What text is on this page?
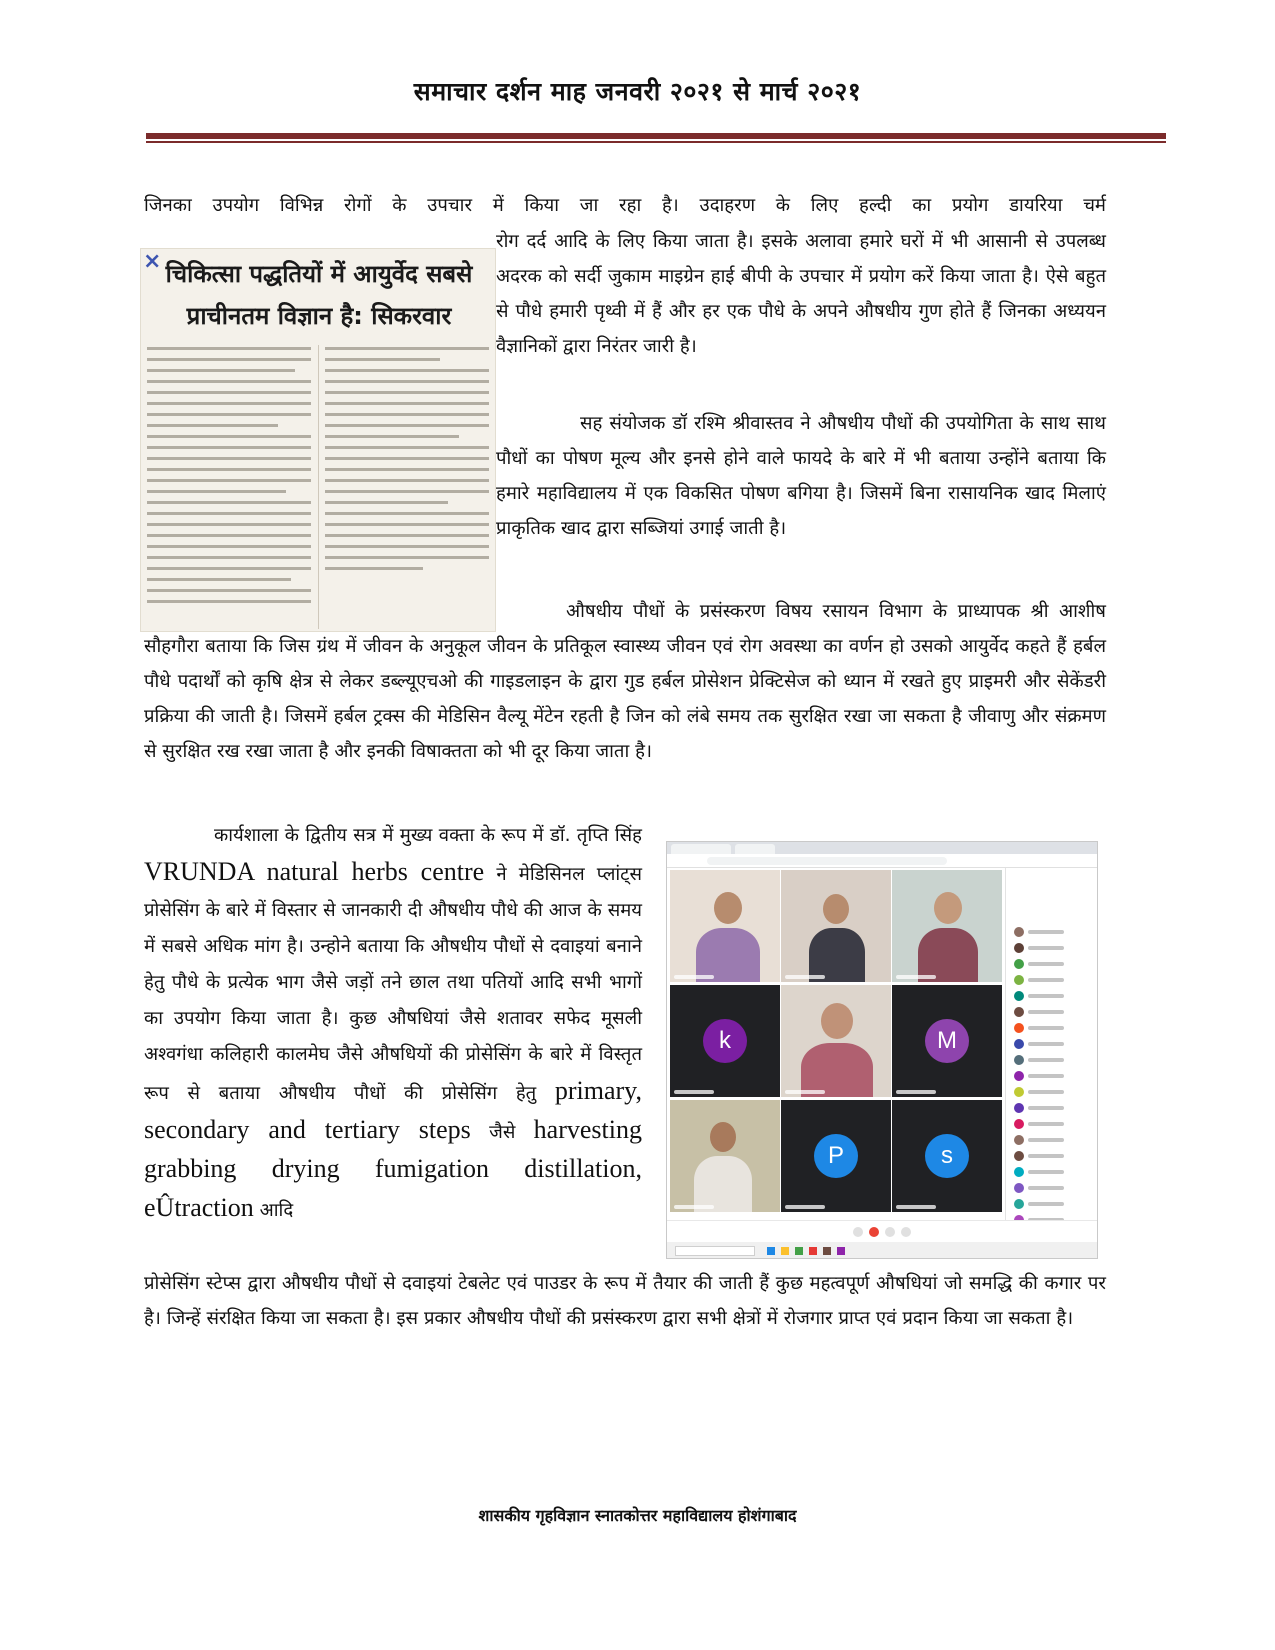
समाचार दर्शन माह जनवरी २०२१ से मार्च २०२१
जिनका उपयोग विभिन्न रोगों के उपचार में किया जा रहा है। उदाहरण के लिए हल्दी का प्रयोग डायरिया चर्म
रोग दर्द आदि के लिए किया जाता है। इसके अलावा हमारे घरों में भी आसानी से उपलब्ध अदरक को सर्दी जुकाम माइग्रेन हाई बीपी के उपचार में प्रयोग करें किया जाता है। ऐसे बहुत से पौधे हमारी पृथ्वी में हैं और हर एक पौधे के अपने औषधीय गुण होते हैं जिनका अध्ययन वैज्ञानिकों द्वारा निरंतर जारी है।
सह संयोजक डॉ रश्मि श्रीवास्तव ने औषधीय पौधों की उपयोगिता के साथ साथ पौधों का पोषण मूल्य और इनसे होने वाले फायदे के बारे में भी बताया उन्होंने बताया कि हमारे महाविद्यालय में एक विकसित पोषण बगिया है। जिसमें बिना रासायनिक खाद मिलाएं प्राकृतिक खाद द्वारा सब्जियां उगाई जाती है।
× चिकित्सा पद्धतियों में आयुर्वेद सबसे
प्राचीनतम विज्ञान है: सिकरवार
औषधीय पौधों के प्रसंस्करण विषय रसायन विभाग के प्राध्यापक श्री आशीष सौहगौरा बताया कि जिस ग्रंथ में जीवन के अनुकूल जीवन के प्रतिकूल स्वास्थ्य जीवन एवं रोग अवस्था का वर्णन हो उसको आयुर्वेद कहते हैं हर्बल पौधे पदार्थों को कृषि क्षेत्र से लेकर डब्ल्यूएचओ की गाइडलाइन के द्वारा गुड हर्बल प्रोसेशन प्रेक्टिसेज को ध्यान में रखते हुए प्राइमरी और सेकेंडरी प्रक्रिया की जाती है। जिसमें हर्बल ट्रक्स की मेडिसिन वैल्यू मेंटेन रहती है जिन को लंबे समय तक सुरक्षित रखा जा सकता है जीवाणु और संक्रमण से सुरक्षित रख रखा जाता है और इनकी विषाक्तता को भी दूर किया जाता है।
कार्यशाला के द्वितीय सत्र में मुख्य वक्ता के रूप में डॉ. तृप्ति सिंह VRUNDA natural herbs centre ने मेडिसिनल प्लांट्स प्रोसेसिंग के बारे में विस्तार से जानकारी दी औषधीय पौधे की आज के समय में सबसे अधिक मांग है। उन्होने बताया कि औषधीय पौधों से दवाइयां बनाने हेतु पौधे के प्रत्येक भाग जैसे जड़ों तने छाल तथा पतियों आदि सभी भागों का उपयोग किया जाता है। कुछ औषधियां जैसे शतावर सफेद मूसली अश्वगंधा कलिहारी कालमेघ जैसे औषधियों की प्रोसेसिंग के बारे में विस्तृत रूप से बताया औषधीय पौधों की प्रोसेसिंग हेतु primary, secondary and tertiary steps जैसे harvesting grabbing drying fumigation distillation, eÛtraction आदि
k	M
P	s
प्रोसेसिंग स्टेप्स द्वारा औषधीय पौधों से दवाइयां टेबलेट एवं पाउडर के रूप में तैयार की जाती हैं कुछ महत्वपूर्ण औषधियां जो समद्धि की कगार पर है। जिन्हें संरक्षित किया जा सकता है। इस प्रकार औषधीय पौधों की प्रसंस्करण द्वारा सभी क्षेत्रों में रोजगार प्राप्त एवं प्रदान किया जा सकता है।
शासकीय गृहविज्ञान स्नातकोत्तर महाविद्यालय होशंगाबाद
